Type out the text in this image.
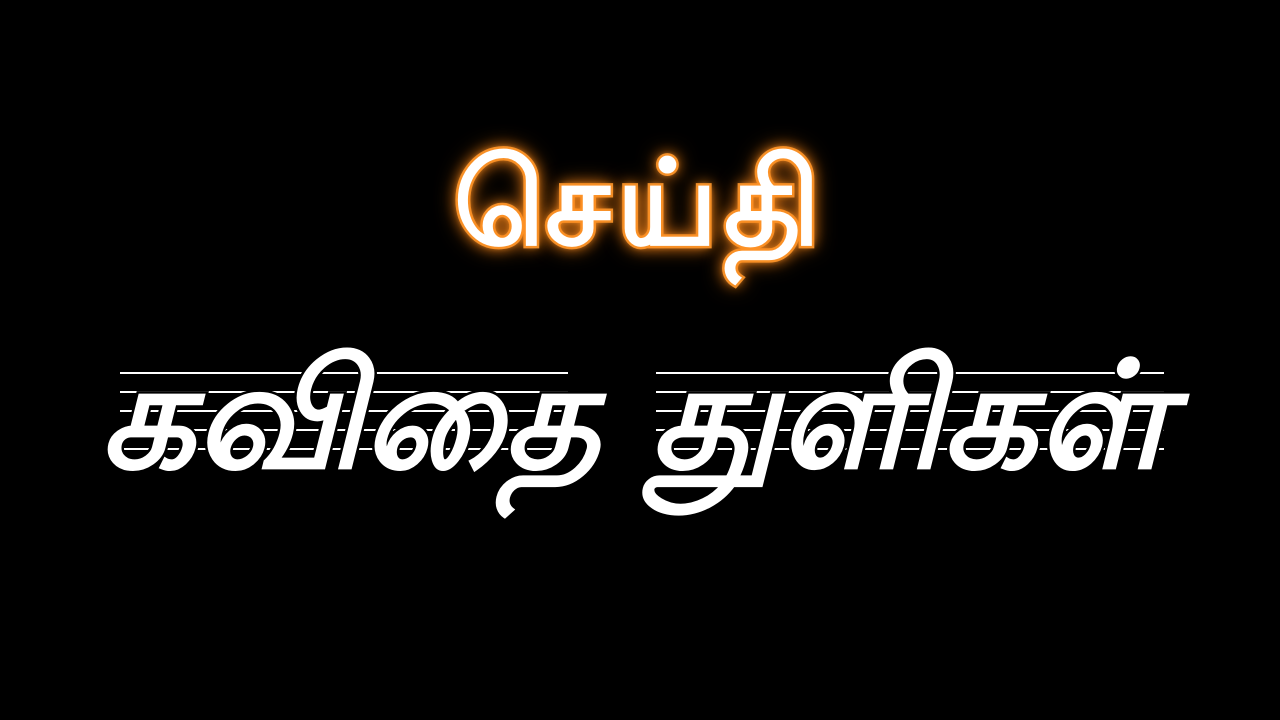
செய்தி
கவிதை துளிகள்
